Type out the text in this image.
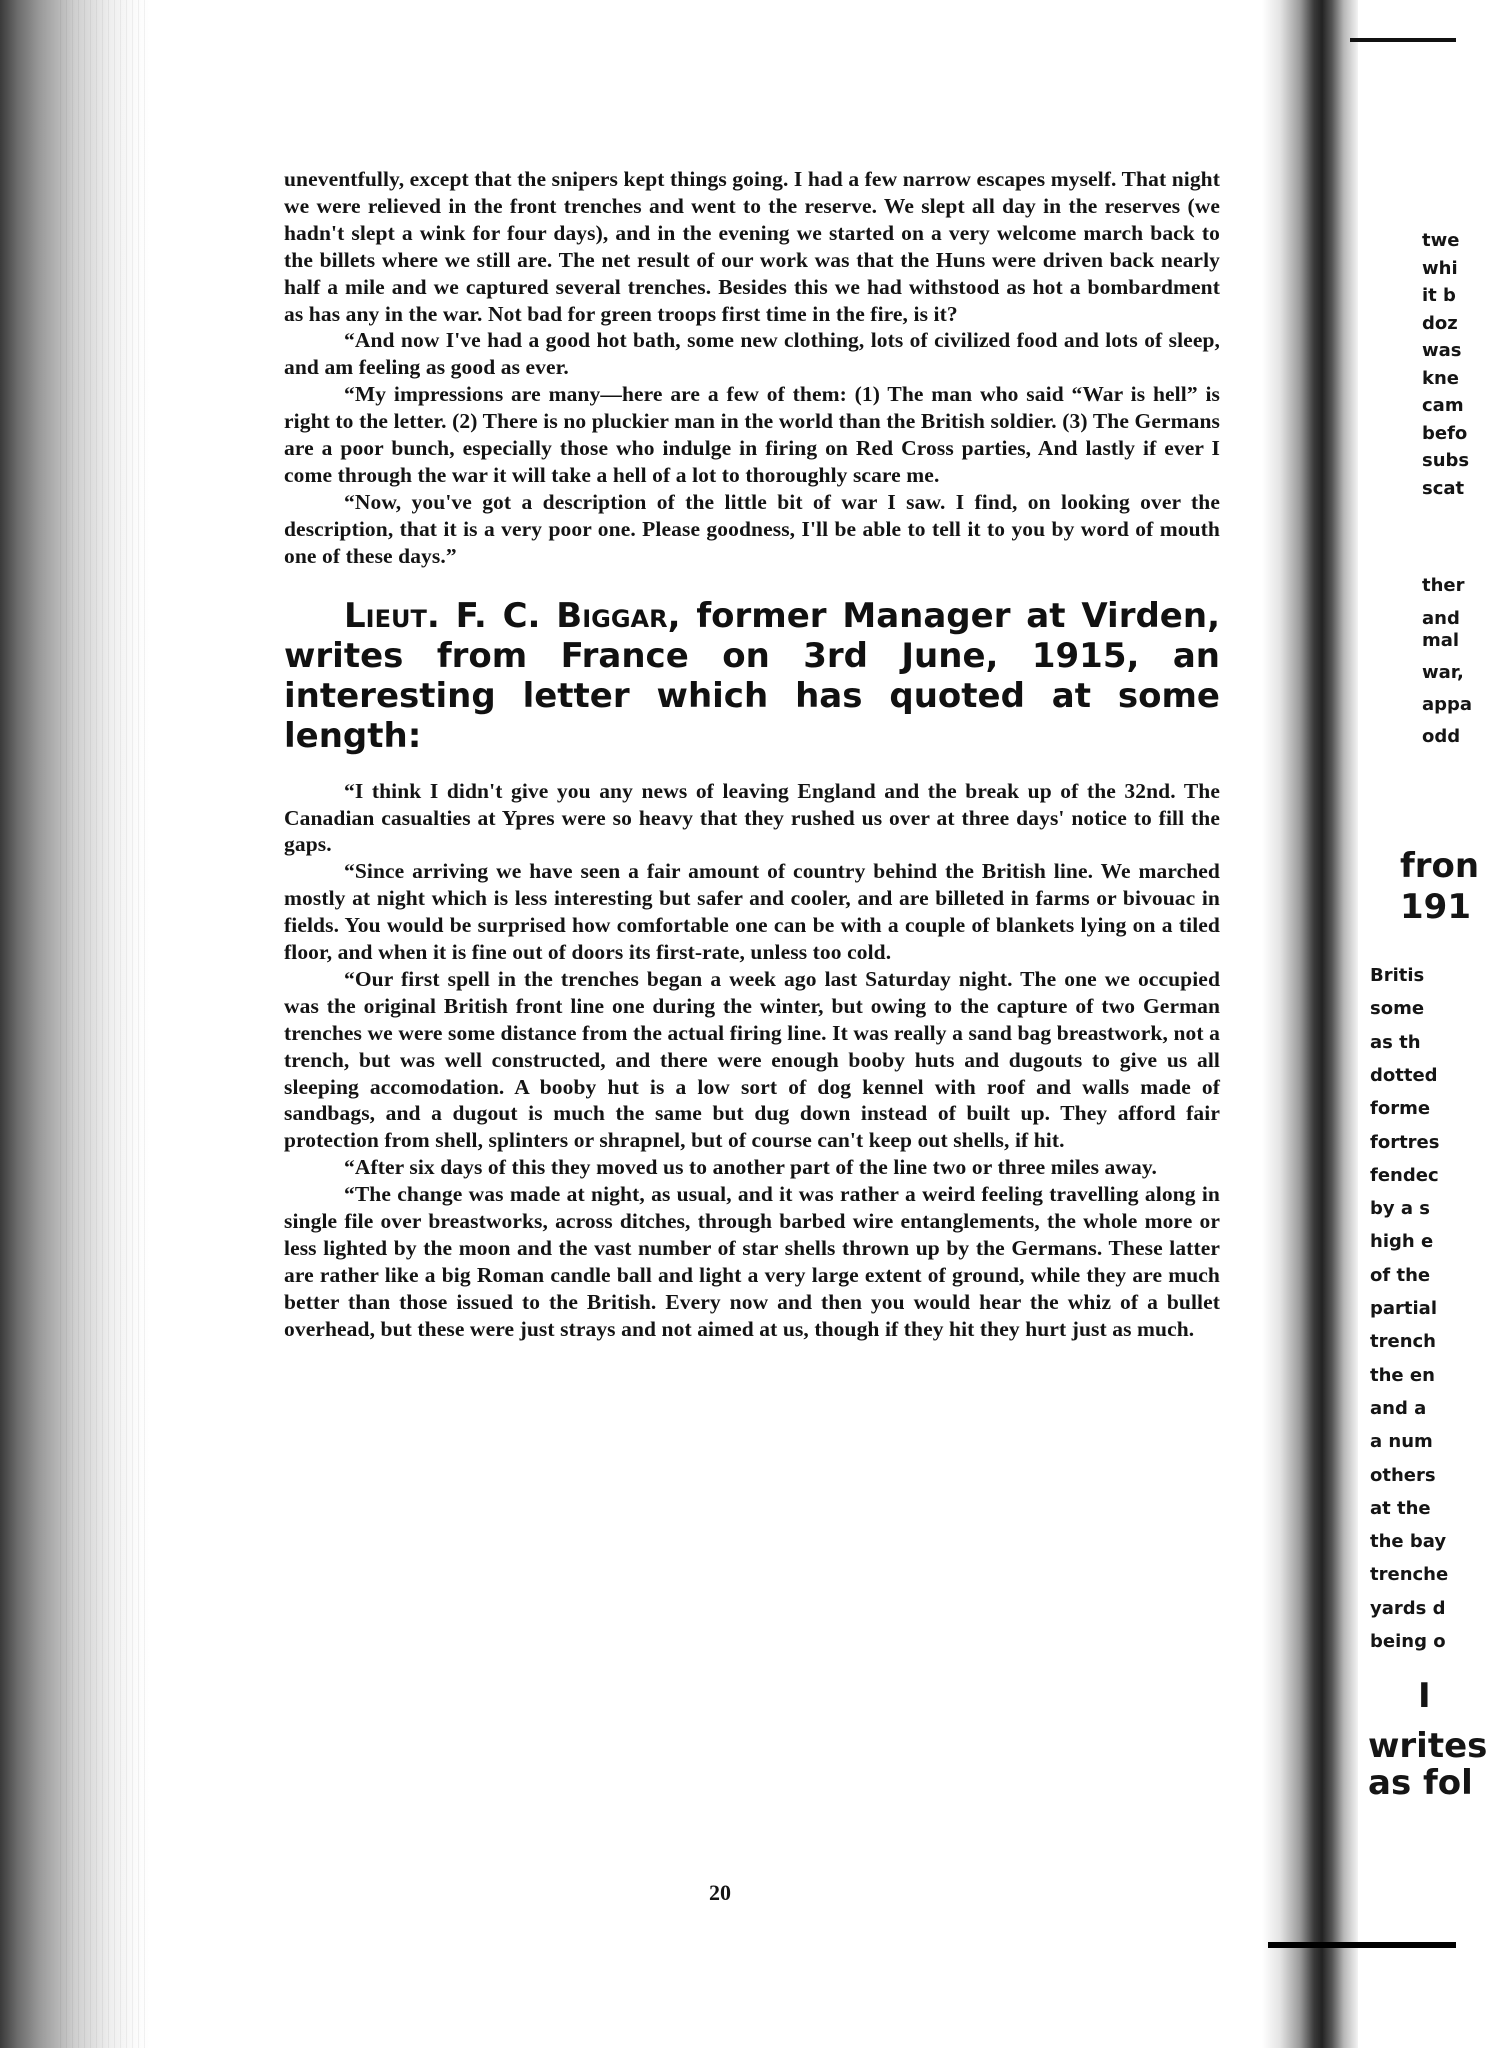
uneventfully, except that the snipers kept things going. I had a few narrow escapes myself. That night we were relieved in the front trenches and went to the reserve. We slept all day in the reserves (we hadn't slept a wink for four days), and in the evening we started on a very welcome march back to the billets where we still are. The net result of our work was that the Huns were driven back nearly half a mile and we captured several trenches. Besides this we had withstood as hot a bombardment as has any in the war. Not bad for green troops first time in the fire, is it?

“And now I've had a good hot bath, some new clothing, lots of civilized food and lots of sleep, and am feeling as good as ever.

“My impressions are many—here are a few of them: (1) The man who said “War is hell” is right to the letter. (2) There is no pluckier man in the world than the British soldier. (3) The Germans are a poor bunch, especially those who indulge in firing on Red Cross parties, And lastly if ever I come through the war it will take a hell of a lot to thoroughly scare me.

“Now, you've got a description of the little bit of war I saw. I find, on looking over the description, that it is a very poor one. Please goodness, I'll be able to tell it to you by word of mouth one of these days.”

Lieut. F. C. Biggar, former Manager at Virden, writes from France on 3rd June, 1915, an interesting letter which has quoted at some length:

“I think I didn't give you any news of leaving England and the break up of the 32nd. The Canadian casualties at Ypres were so heavy that they rushed us over at three days' notice to fill the gaps.

“Since arriving we have seen a fair amount of country behind the British line. We marched mostly at night which is less interesting but safer and cooler, and are billeted in farms or bivouac in fields. You would be surprised how comfortable one can be with a couple of blankets lying on a tiled floor, and when it is fine out of doors its first-rate, unless too cold.

“Our first spell in the trenches began a week ago last Saturday night. The one we occupied was the original British front line one during the winter, but owing to the capture of two German trenches we were some distance from the actual firing line. It was really a sand bag breastwork, not a trench, but was well constructed, and there were enough booby huts and dugouts to give us all sleeping accomodation. A booby hut is a low sort of dog kennel with roof and walls made of sandbags, and a dugout is much the same but dug down instead of built up. They afford fair protection from shell, splinters or shrapnel, but of course can't keep out shells, if hit.

“After six days of this they moved us to another part of the line two or three miles away.

“The change was made at night, as usual, and it was rather a weird feeling travelling along in single file over breastworks, across ditches, through barbed wire entanglements, the whole more or less lighted by the moon and the vast number of star shells thrown up by the Germans. These latter are rather like a big Roman candle ball and light a very large extent of ground, while they are much better than those issued to the British. Every now and then you would hear the whiz of a bullet overhead, but these were just strays and not aimed at us, though if they hit they hurt just as much.

20
twe
whi
it b
doz
was
kne
cam
befo
subs
scat
ther
and
mal
war,
appa
odd
fron
191
Britis
some
as th
dotted
forme
fortres
fendec
by a s
high e
of the
partial
trench
the en
and a
a num
others
at the
the bay
trenche
yards d
being o
I
writes
as fol
